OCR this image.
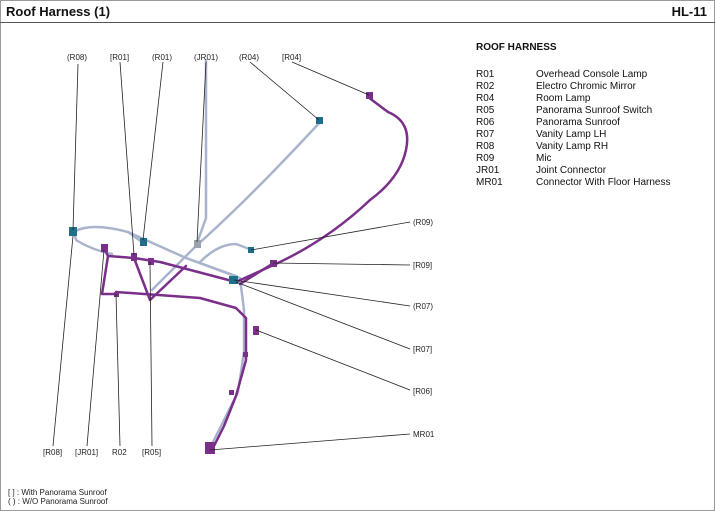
Roof Harness (1)	HL-11
ROOF HARNESS
R01	Overhead Console Lamp
R02	Electro Chromic Mirror
R04	Room Lamp
R05	Panorama Sunroof Switch
R06	Panorama Sunroof
R07	Vanity Lamp LH
R08	Vanity Lamp RH
R09	Mic
JR01	Joint Connector
MR01	Connector With Floor Harness
(R08)	[R01]	(R01)	(JR01)	(R04)	[R04]
(R09)
[R09]
(R07)
[R07]
[R06]
MR01
[R08] [JR01] R02 [R05]
[ ] : With Panorama Sunroof
( ) : W/O Panorama Sunroof
